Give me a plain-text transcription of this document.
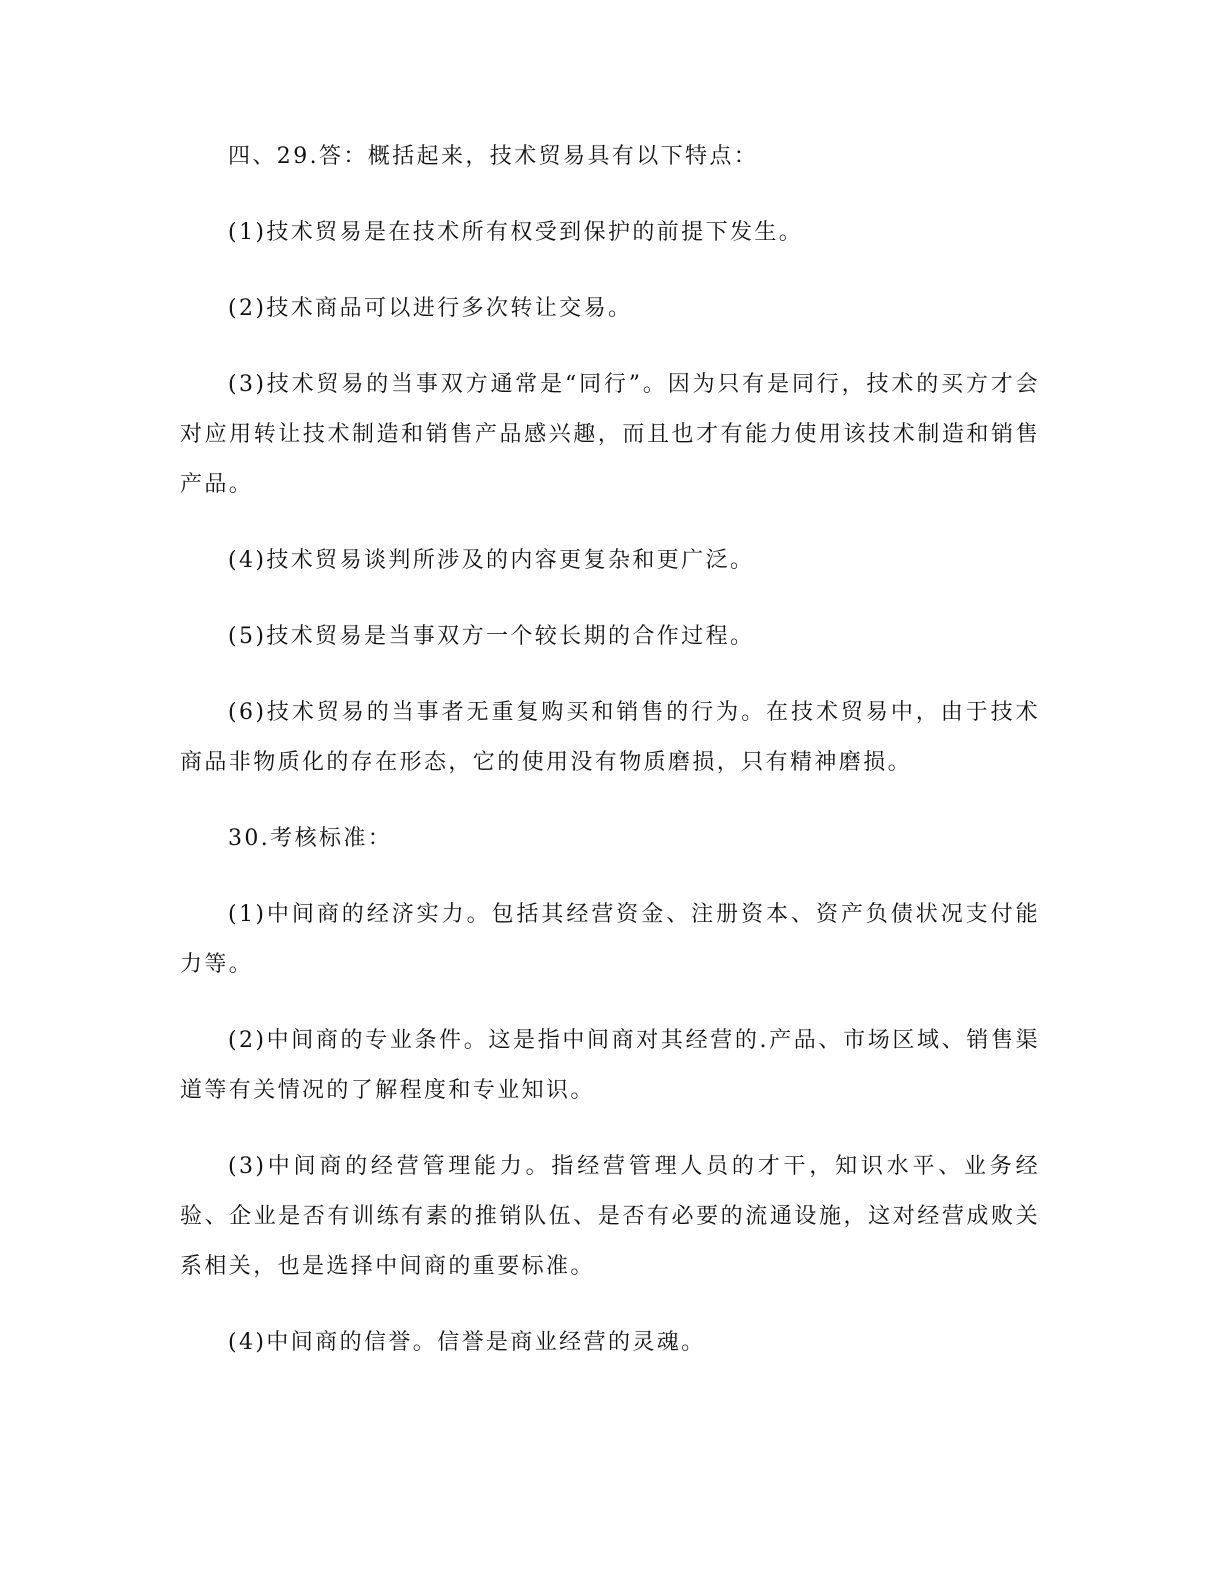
四、29.答：概括起来，技术贸易具有以下特点：

(1)技术贸易是在技术所有权受到保护的前提下发生。

(2)技术商品可以进行多次转让交易。

(3)技术贸易的当事双方通常是“同行”。因为只有是同行，技术的买方才会对应用转让技术制造和销售产品感兴趣，而且也才有能力使用该技术制造和销售产品。

(4)技术贸易谈判所涉及的内容更复杂和更广泛。

(5)技术贸易是当事双方一个较长期的合作过程。

(6)技术贸易的当事者无重复购买和销售的行为。在技术贸易中，由于技术商品非物质化的存在形态，它的使用没有物质磨损，只有精神磨损。

30.考核标准：

(1)中间商的经济实力。包括其经营资金、注册资本、资产负债状况支付能力等。

(2)中间商的专业条件。这是指中间商对其经营的.产品、市场区域、销售渠道等有关情况的了解程度和专业知识。

(3)中间商的经营管理能力。指经营管理人员的才干，知识水平、业务经验、企业是否有训练有素的推销队伍、是否有必要的流通设施，这对经营成败关系相关，也是选择中间商的重要标准。

(4)中间商的信誉。信誉是商业经营的灵魂。
